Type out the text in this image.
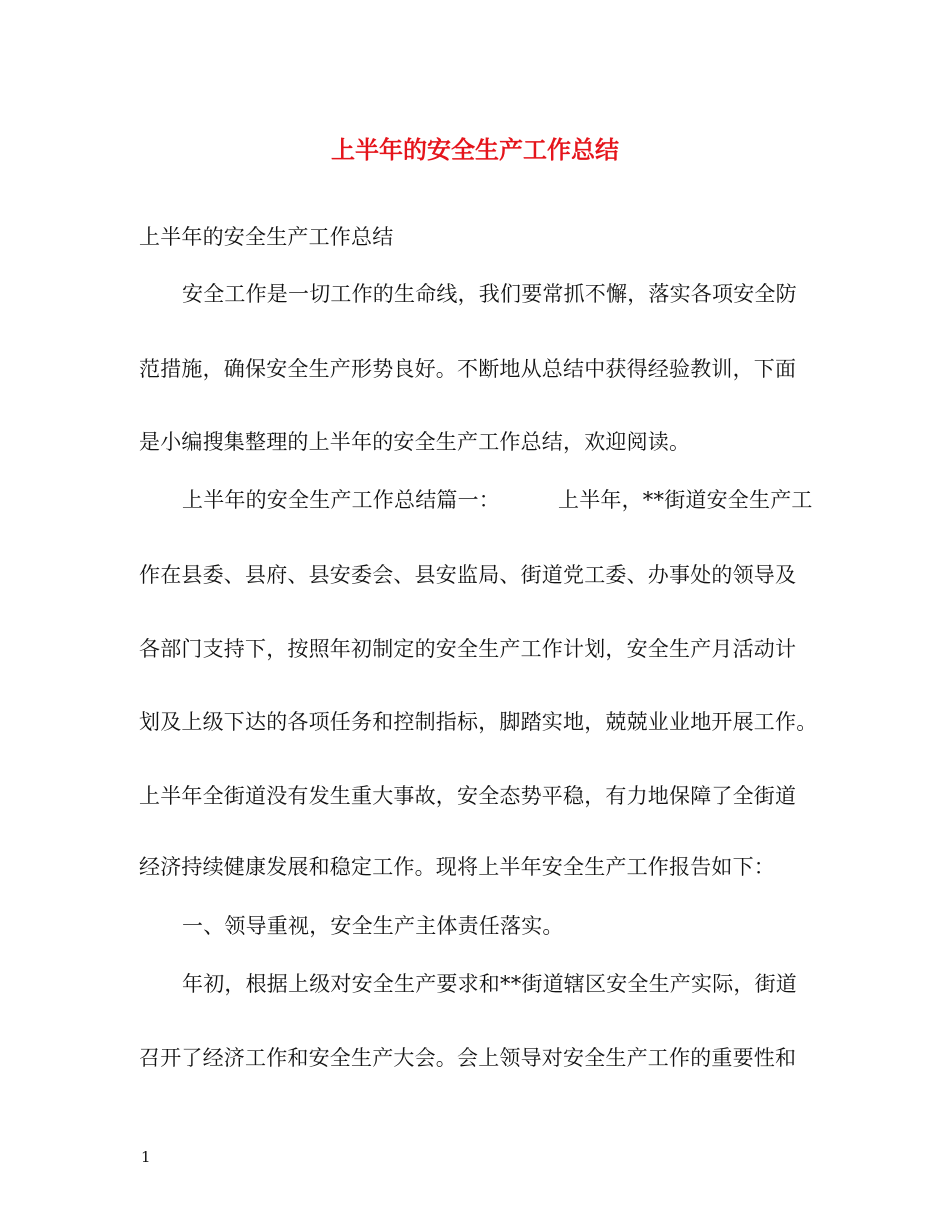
上半年的安全生产工作总结
上半年的安全生产工作总结
安全工作是一切工作的生命线，我们要常抓不懈，落实各项安全防
范措施，确保安全生产形势良好。不断地从总结中获得经验教训，下面
是小编搜集整理的上半年的安全生产工作总结，欢迎阅读。
上半年的安全生产工作总结篇一：	上半年，**街道安全生产工
作在县委、县府、县安委会、县安监局、街道党工委、办事处的领导及
各部门支持下，按照年初制定的安全生产工作计划，安全生产月活动计
划及上级下达的各项任务和控制指标，脚踏实地，兢兢业业地开展工作。
上半年全街道没有发生重大事故，安全态势平稳，有力地保障了全街道
经济持续健康发展和稳定工作。现将上半年安全生产工作报告如下：
一、领导重视，安全生产主体责任落实。
年初，根据上级对安全生产要求和**街道辖区安全生产实际，街道
召开了经济工作和安全生产大会。会上领导对安全生产工作的重要性和
1
